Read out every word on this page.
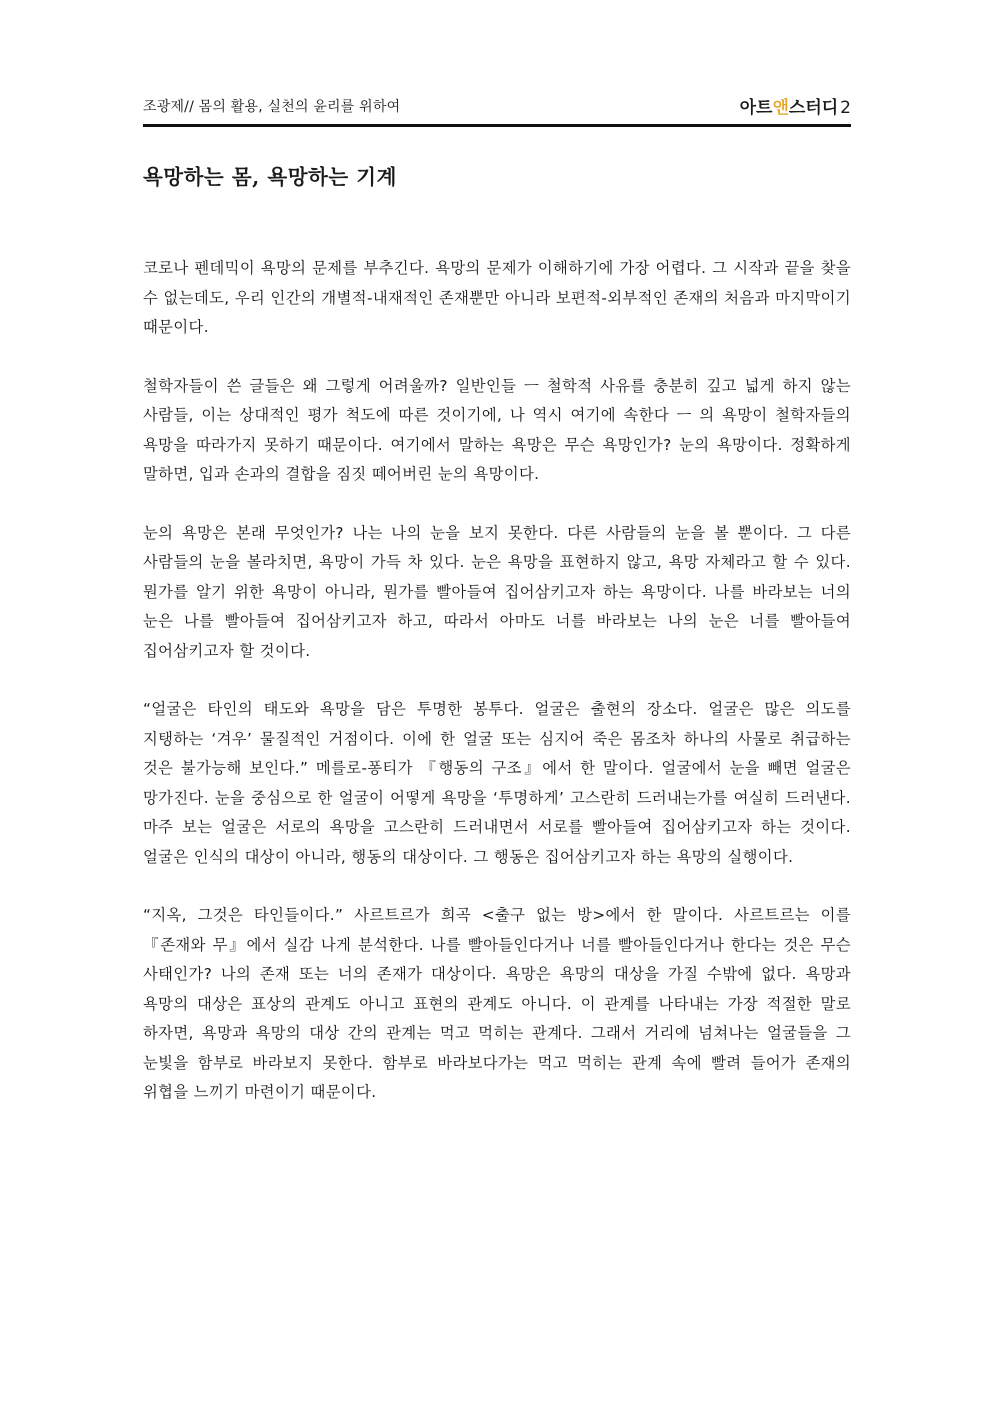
조광제// 몸의 활용, 실천의 윤리를 위하여	아트앤스터디 2
욕망하는 몸, 욕망하는 기계

코로나 펜데믹이 욕망의 문제를 부추긴다. 욕망의 문제가 이해하기에 가장 어렵다. 그 시작과 끝을 찾을 수 없는데도, 우리 인간의 개별적-내재적인 존재뿐만 아니라 보편적-외부적인 존재의 처음과 마지막이기 때문이다.

철학자들이 쓴 글들은 왜 그렇게 어려울까? 일반인들 ㅡ 철학적 사유를 충분히 깊고 넓게 하지 않는 사람들, 이는 상대적인 평가 척도에 따른 것이기에, 나 역시 여기에 속한다 ㅡ 의 욕망이 철학자들의 욕망을 따라가지 못하기 때문이다. 여기에서 말하는 욕망은 무슨 욕망인가? 눈의 욕망이다. 정확하게 말하면, 입과 손과의 결합을 짐짓 떼어버린 눈의 욕망이다.

눈의 욕망은 본래 무엇인가? 나는 나의 눈을 보지 못한다. 다른 사람들의 눈을 볼 뿐이다. 그 다른 사람들의 눈을 볼라치면, 욕망이 가득 차 있다. 눈은 욕망을 표현하지 않고, 욕망 자체라고 할 수 있다. 뭔가를 알기 위한 욕망이 아니라, 뭔가를 빨아들여 집어삼키고자 하는 욕망이다. 나를 바라보는 너의 눈은 나를 빨아들여 집어삼키고자 하고, 따라서 아마도 너를 바라보는 나의 눈은 너를 빨아들여 집어삼키고자 할 것이다.

“얼굴은 타인의 태도와 욕망을 담은 투명한 봉투다. 얼굴은 출현의 장소다. 얼굴은 많은 의도를 지탱하는 ‘겨우’ 물질적인 거점이다. 이에 한 얼굴 또는 심지어 죽은 몸조차 하나의 사물로 취급하는 것은 불가능해 보인다.” 메를로-퐁티가 『행동의 구조』에서 한 말이다. 얼굴에서 눈을 빼면 얼굴은 망가진다. 눈을 중심으로 한 얼굴이 어떻게 욕망을 ‘투명하게’ 고스란히 드러내는가를 여실히 드러낸다. 마주 보는 얼굴은 서로의 욕망을 고스란히 드러내면서 서로를 빨아들여 집어삼키고자 하는 것이다. 얼굴은 인식의 대상이 아니라, 행동의 대상이다. 그 행동은 집어삼키고자 하는 욕망의 실행이다.

“지옥, 그것은 타인들이다.” 사르트르가 희곡 <출구 없는 방>에서 한 말이다. 사르트르는 이를 『존재와 무』에서 실감 나게 분석한다. 나를 빨아들인다거나 너를 빨아들인다거나 한다는 것은 무슨 사태인가? 나의 존재 또는 너의 존재가 대상이다. 욕망은 욕망의 대상을 가질 수밖에 없다. 욕망과 욕망의 대상은 표상의 관계도 아니고 표현의 관계도 아니다. 이 관계를 나타내는 가장 적절한 말로 하자면, 욕망과 욕망의 대상 간의 관계는 먹고 먹히는 관계다. 그래서 거리에 넘쳐나는 얼굴들을 그 눈빛을 함부로 바라보지 못한다. 함부로 바라보다가는 먹고 먹히는 관계 속에 빨려 들어가 존재의 위협을 느끼기 마련이기 때문이다.
